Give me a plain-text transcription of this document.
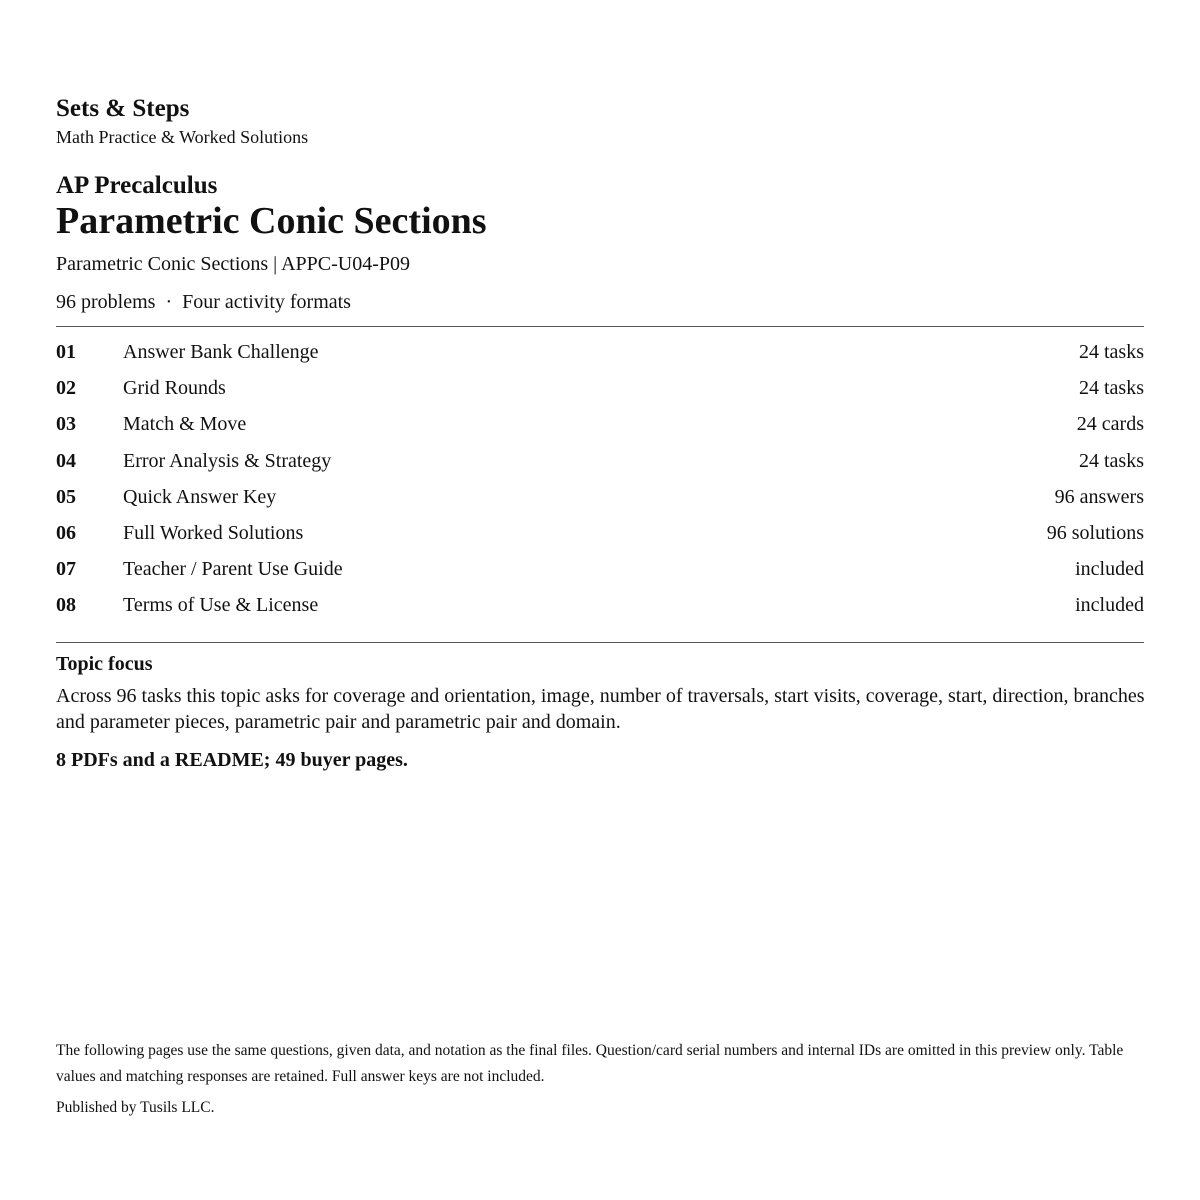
Sets & Steps
Math Practice & Worked Solutions
AP Precalculus
Parametric Conic Sections
Parametric Conic Sections | APPC-U04-P09
96 problems · Four activity formats
01 Answer Bank Challenge	24 tasks
02 Grid Rounds	24 tasks
03 Match & Move	24 cards
04 Error Analysis & Strategy	24 tasks
05 Quick Answer Key	96 answers
06 Full Worked Solutions	96 solutions
07 Teacher / Parent Use Guide	included
08 Terms of Use & License	included
Topic focus
Across 96 tasks this topic asks for coverage and orientation, image, number of traversals, start visits, coverage, start, direction, branches and parameter pieces, parametric pair and parametric pair and domain.
8 PDFs and a README; 49 buyer pages.
The following pages use the same questions, given data, and notation as the final files. Question/card serial numbers and internal IDs are omitted in this preview only. Table values and matching responses are retained. Full answer keys are not included.
Published by Tusils LLC.
